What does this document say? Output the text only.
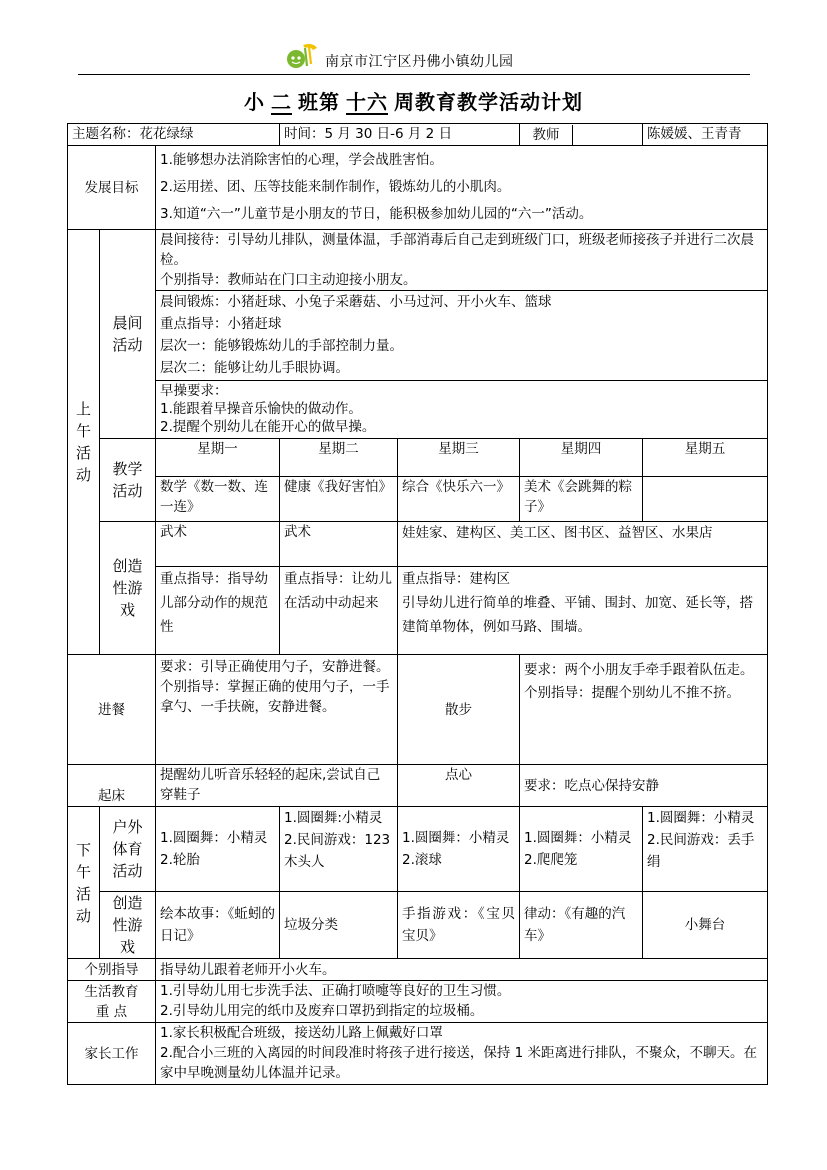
南京市江宁区丹佛小镇幼儿园
小 二 班第 十六 周教育教学活动计划
主题名称：花花绿绿			时间：5 月 30 日-6 月 2 日		教师	陈媛媛、王青青
发展目标		1.能够想办法消除害怕的心理，学会战胜害怕。
2.运用搓、团、压等技能来制作制作，锻炼幼儿的小肌肉。
3.知道“六一”儿童节是小朋友的节日，能积极参加幼儿园的“六一”活动。				

上午活动	晨间活动	晨间接待：引导幼儿排队，测量体温，手部消毒后自己走到班级门口，班级老师接孩子并进行二次晨检。
个别指导：教师站在门口主动迎接小朋友。				

		晨间锻炼：小猪赶球、小兔子采蘑菇、小马过河、开小火车、篮球
重点指导：小猪赶球
层次一：能够锻炼幼儿的手部控制力量。
层次二：能够让幼儿手眼协调。				

		早操要求：
1.能跟着早操音乐愉快的做动作。
2.提醒个别幼儿在能开心的做早操。				

	教学活动	星期一	星期二	星期三	星期四	星期五
		数学《数一数、连一连》	健康《我好害怕》	综合《快乐六一》	美术《会跳舞的粽子》	
	创造性游戏	武术	武术	娃娃家、建构区、美工区、图书区、益智区、水果店		
		重点指导：指导幼儿部分动作的规范性	重点指导：让幼儿在活动中动起来	重点指导：建构区
引导幼儿进行简单的堆叠、平铺、围封、加宽、延长等，搭建简单物体，例如马路、围墙。		
进餐		要求：引导正确使用勺子，安静进餐。
个别指导：掌握正确的使用勺子，一手拿勺、一手扶碗，安静进餐。		散步	要求：两个小朋友手牵手跟着队伍走。
个别指导：提醒个别幼儿不推不挤。	
起床		提醒幼儿听音乐轻轻的起床,尝试自己穿鞋子		点心	要求：吃点心保持安静	
下午活动	户外体育活动	1.圆圈舞：小精灵
2.轮胎	1.圆圈舞:小精灵
2.民间游戏：123 木头人	1.圆圈舞：小精灵
2.滚球	1.圆圈舞：小精灵
2.爬爬笼	1.圆圈舞：小精灵
2.民间游戏：丢手绢
	创造性游戏	绘本故事：《蚯蚓的日记》	垃圾分类	手指游戏：《宝贝宝贝》	律动：《有趣的汽车》	小舞台
个别指导		指导幼儿跟着老师开小火车。				
生活教育重 点		1.引导幼儿用七步洗手法、正确打喷嚏等良好的卫生习惯。
2.引导幼儿用完的纸巾及废弃口罩扔到指定的垃圾桶。				

家长工作		1.家长积极配合班级，接送幼儿路上佩戴好口罩
2.配合小三班的入离园的时间段准时将孩子进行接送，保持 1 米距离进行排队，不聚众，不聊天。在家中早晚测量幼儿体温并记录。				
